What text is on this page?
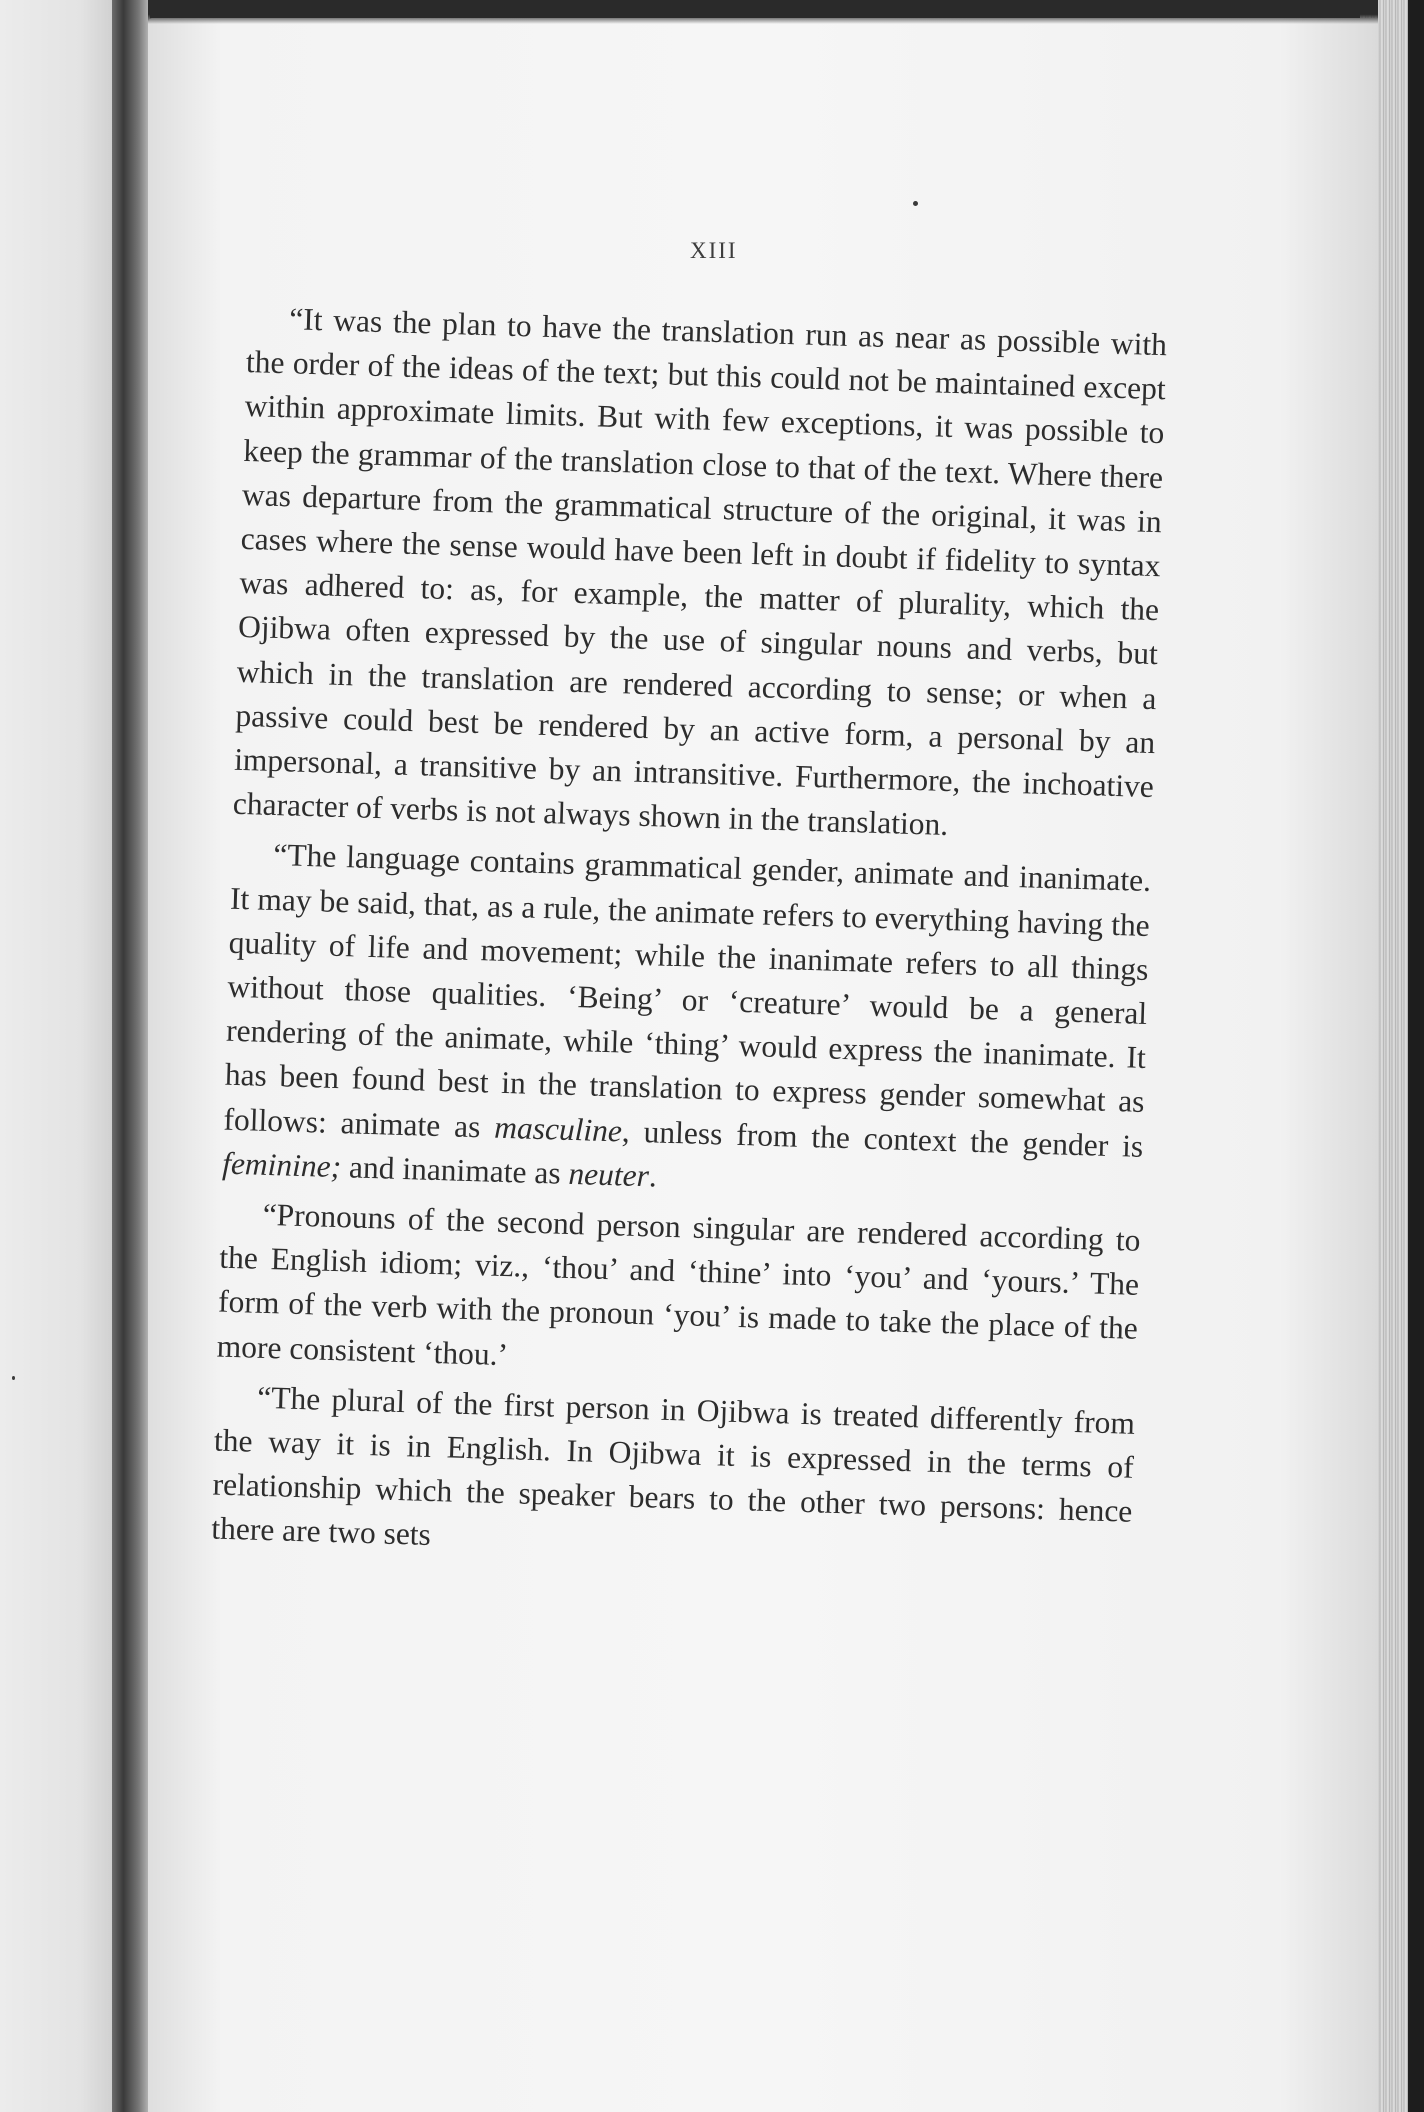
XIII

“It was the plan to have the translation run as near as possible with the order of the ideas of the text; but this could not be maintained except within approximate limits. But with few exceptions, it was possible to keep the grammar of the translation close to that of the text. Where there was departure from the grammatical structure of the original, it was in cases where the sense would have been left in doubt if fidelity to syntax was adhered to: as, for example, the matter of plurality, which the Ojibwa often expressed by the use of singular nouns and verbs, but which in the translation are rendered according to sense; or when a passive could best be rendered by an active form, a personal by an impersonal, a transitive by an intransitive. Furthermore, the inchoative character of verbs is not always shown in the translation.

“The language contains grammatical gender, animate and inanimate. It may be said, that, as a rule, the animate refers to everything having the quality of life and movement; while the inanimate refers to all things without those qualities. ‘Being’ or ‘creature’ would be a general rendering of the animate, while ‘thing’ would express the inanimate. It has been found best in the translation to express gender somewhat as follows: animate as masculine, unless from the context the gender is feminine; and inanimate as neuter.

“Pronouns of the second person singular are rendered according to the English idiom; viz., ‘thou’ and ‘thine’ into ‘you’ and ‘yours.’ The form of the verb with the pronoun ‘you’ is made to take the place of the more consistent ‘thou.’

“The plural of the first person in Ojibwa is treated differently from the way it is in English. In Ojibwa it is expressed in the terms of relationship which the speaker bears to the other two persons: hence there are two sets
